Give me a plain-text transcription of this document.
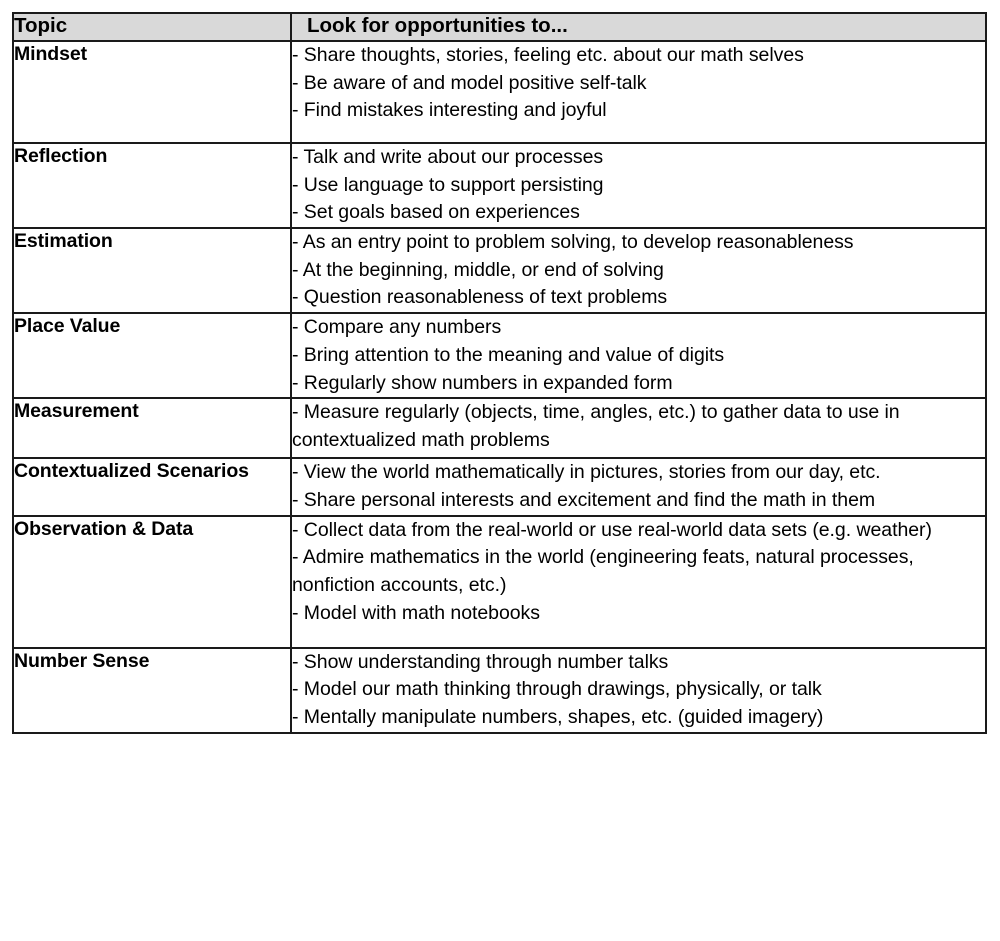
Topic	Look for opportunities to...
Mindset	- Share thoughts, stories, feeling etc. about our math selves
- Be aware of and model positive self-talk
- Find mistakes interesting and joyful

Reflection	- Talk and write about our processes
- Use language to support persisting
- Set goals based on experiences

Estimation	- As an entry point to problem solving, to develop reasonableness
- At the beginning, middle, or end of solving
- Question reasonableness of text problems

Place Value	- Compare any numbers
- Bring attention to the meaning and value of digits
- Regularly show numbers in expanded form

Measurement	- Measure regularly (objects, time, angles, etc.) to gather data to use in contextualized math problems

Contextualized Scenarios	- View the world mathematically in pictures, stories from our day, etc.
- Share personal interests and excitement and find the math in them

Observation & Data	- Collect data from the real-world or use real-world data sets (e.g. weather)
- Admire mathematics in the world (engineering feats, natural processes, nonfiction accounts, etc.)
- Model with math notebooks

Number Sense	- Show understanding through number talks
- Model our math thinking through drawings, physically, or talk
- Mentally manipulate numbers, shapes, etc. (guided imagery)
